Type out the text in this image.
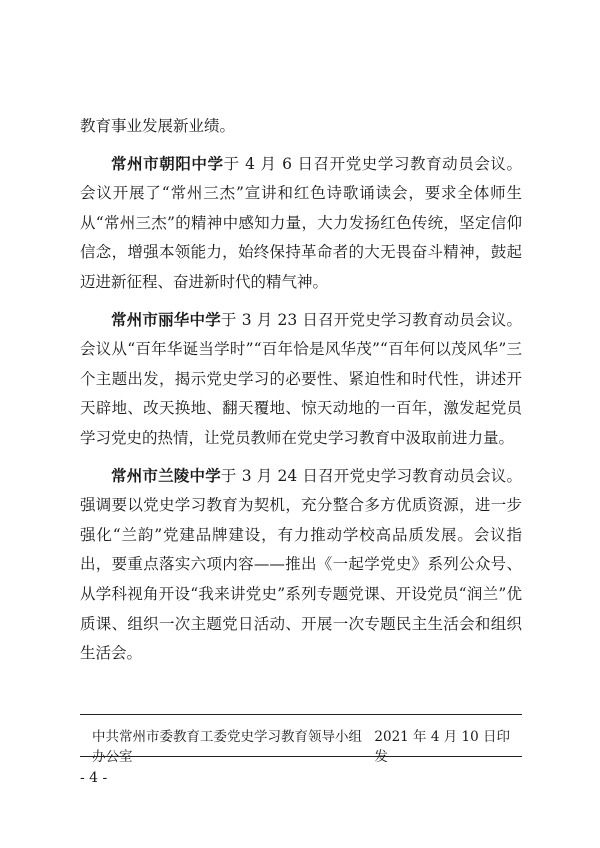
教育事业发展新业绩。

常州市朝阳中学于 4 月 6 日召开党史学习教育动员会议。会议开展了“常州三杰”宣讲和红色诗歌诵读会，要求全体师生从“常州三杰”的精神中感知力量，大力发扬红色传统，坚定信仰信念，增强本领能力，始终保持革命者的大无畏奋斗精神，鼓起迈进新征程、奋进新时代的精气神。

常州市丽华中学于 3 月 23 日召开党史学习教育动员会议。会议从“百年华诞当学时”“百年恰是风华茂”“百年何以茂风华”三个主题出发，揭示党史学习的必要性、紧迫性和时代性，讲述开天辟地、改天换地、翻天覆地、惊天动地的一百年，激发起党员学习党史的热情，让党员教师在党史学习教育中汲取前进力量。

常州市兰陵中学于 3 月 24 日召开党史学习教育动员会议。强调要以党史学习教育为契机，充分整合多方优质资源，进一步强化“兰韵”党建品牌建设，有力推动学校高品质发展。会议指出，要重点落实六项内容——推出《一起学党史》系列公众号、从学科视角开设“我来讲党史”系列专题党课、开设党员“润兰”优质课、组织一次主题党日活动、开展一次专题民主生活会和组织生活会。

中共常州市委教育工委党史学习教育领导小组办公室
2021 年 4 月 10 日印发
- 4 -
